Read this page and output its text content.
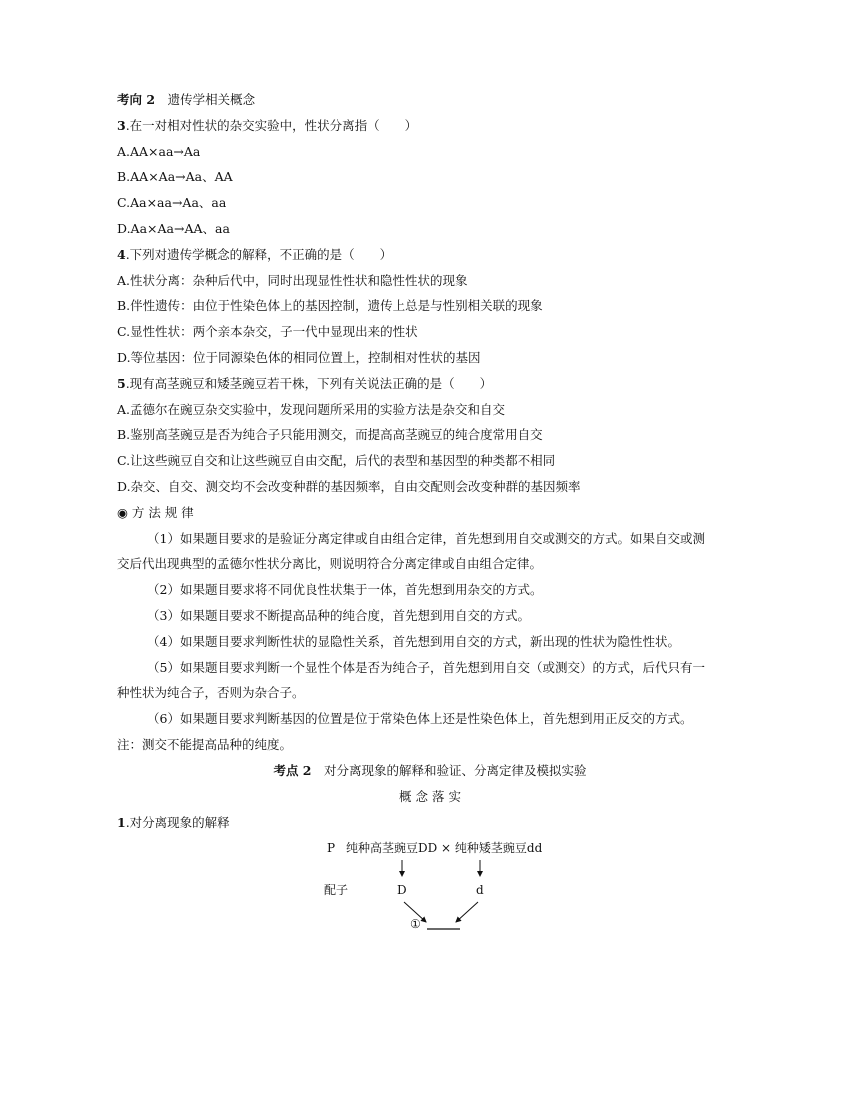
考向 2　 遗传学相关概念
3.在一对相对性状的杂交实验中，性状分离指（　　）
A.AA×aa→Aa
B.AA×Aa→Aa、AA
C.Aa×aa→Aa、aa
D.Aa×Aa→AA、aa
4.下列对遗传学概念的解释，不正确的是（　　）
A.性状分离：杂种后代中，同时出现显性性状和隐性性状的现象
B.伴性遗传：由位于性染色体上的基因控制，遗传上总是与性别相关联的现象
C.显性性状：两个亲本杂交，子一代中显现出来的性状
D.等位基因：位于同源染色体的相同位置上，控制相对性状的基因
5.现有高茎豌豆和矮茎豌豆若干株，下列有关说法正确的是（　　）
A.孟德尔在豌豆杂交实验中，发现问题所采用的实验方法是杂交和自交
B.鉴别高茎豌豆是否为纯合子只能用测交，而提高高茎豌豆的纯合度常用自交
C.让这些豌豆自交和让这些豌豆自由交配，后代的表型和基因型的种类都不相同
D.杂交、自交、测交均不会改变种群的基因频率，自由交配则会改变种群的基因频率
◉ 方 法 规 律
（1）如果题目要求的是验证分离定律或自由组合定律，首先想到用自交或测交的方式。如果自交或测
交后代出现典型的孟德尔性状分离比，则说明符合分离定律或自由组合定律。
（2）如果题目要求将不同优良性状集于一体，首先想到用杂交的方式。
（3）如果题目要求不断提高品种的纯合度，首先想到用自交的方式。
（4）如果题目要求判断性状的显隐性关系，首先想到用自交的方式，新出现的性状为隐性性状。
（5）如果题目要求判断一个显性个体是否为纯合子，首先想到用自交（或测交）的方式，后代只有一
种性状为纯合子，否则为杂合子。
（6）如果题目要求判断基因的位置是位于常染色体上还是性染色体上，首先想到用正反交的方式。
注：测交不能提高品种的纯度。
考点 2　 对分离现象的解释和验证、分离定律及模拟实验
概 念 落 实
1.对分离现象的解释
P 纯种高茎豌豆DD × 纯种矮茎豌豆dd
配子	D	d
①
